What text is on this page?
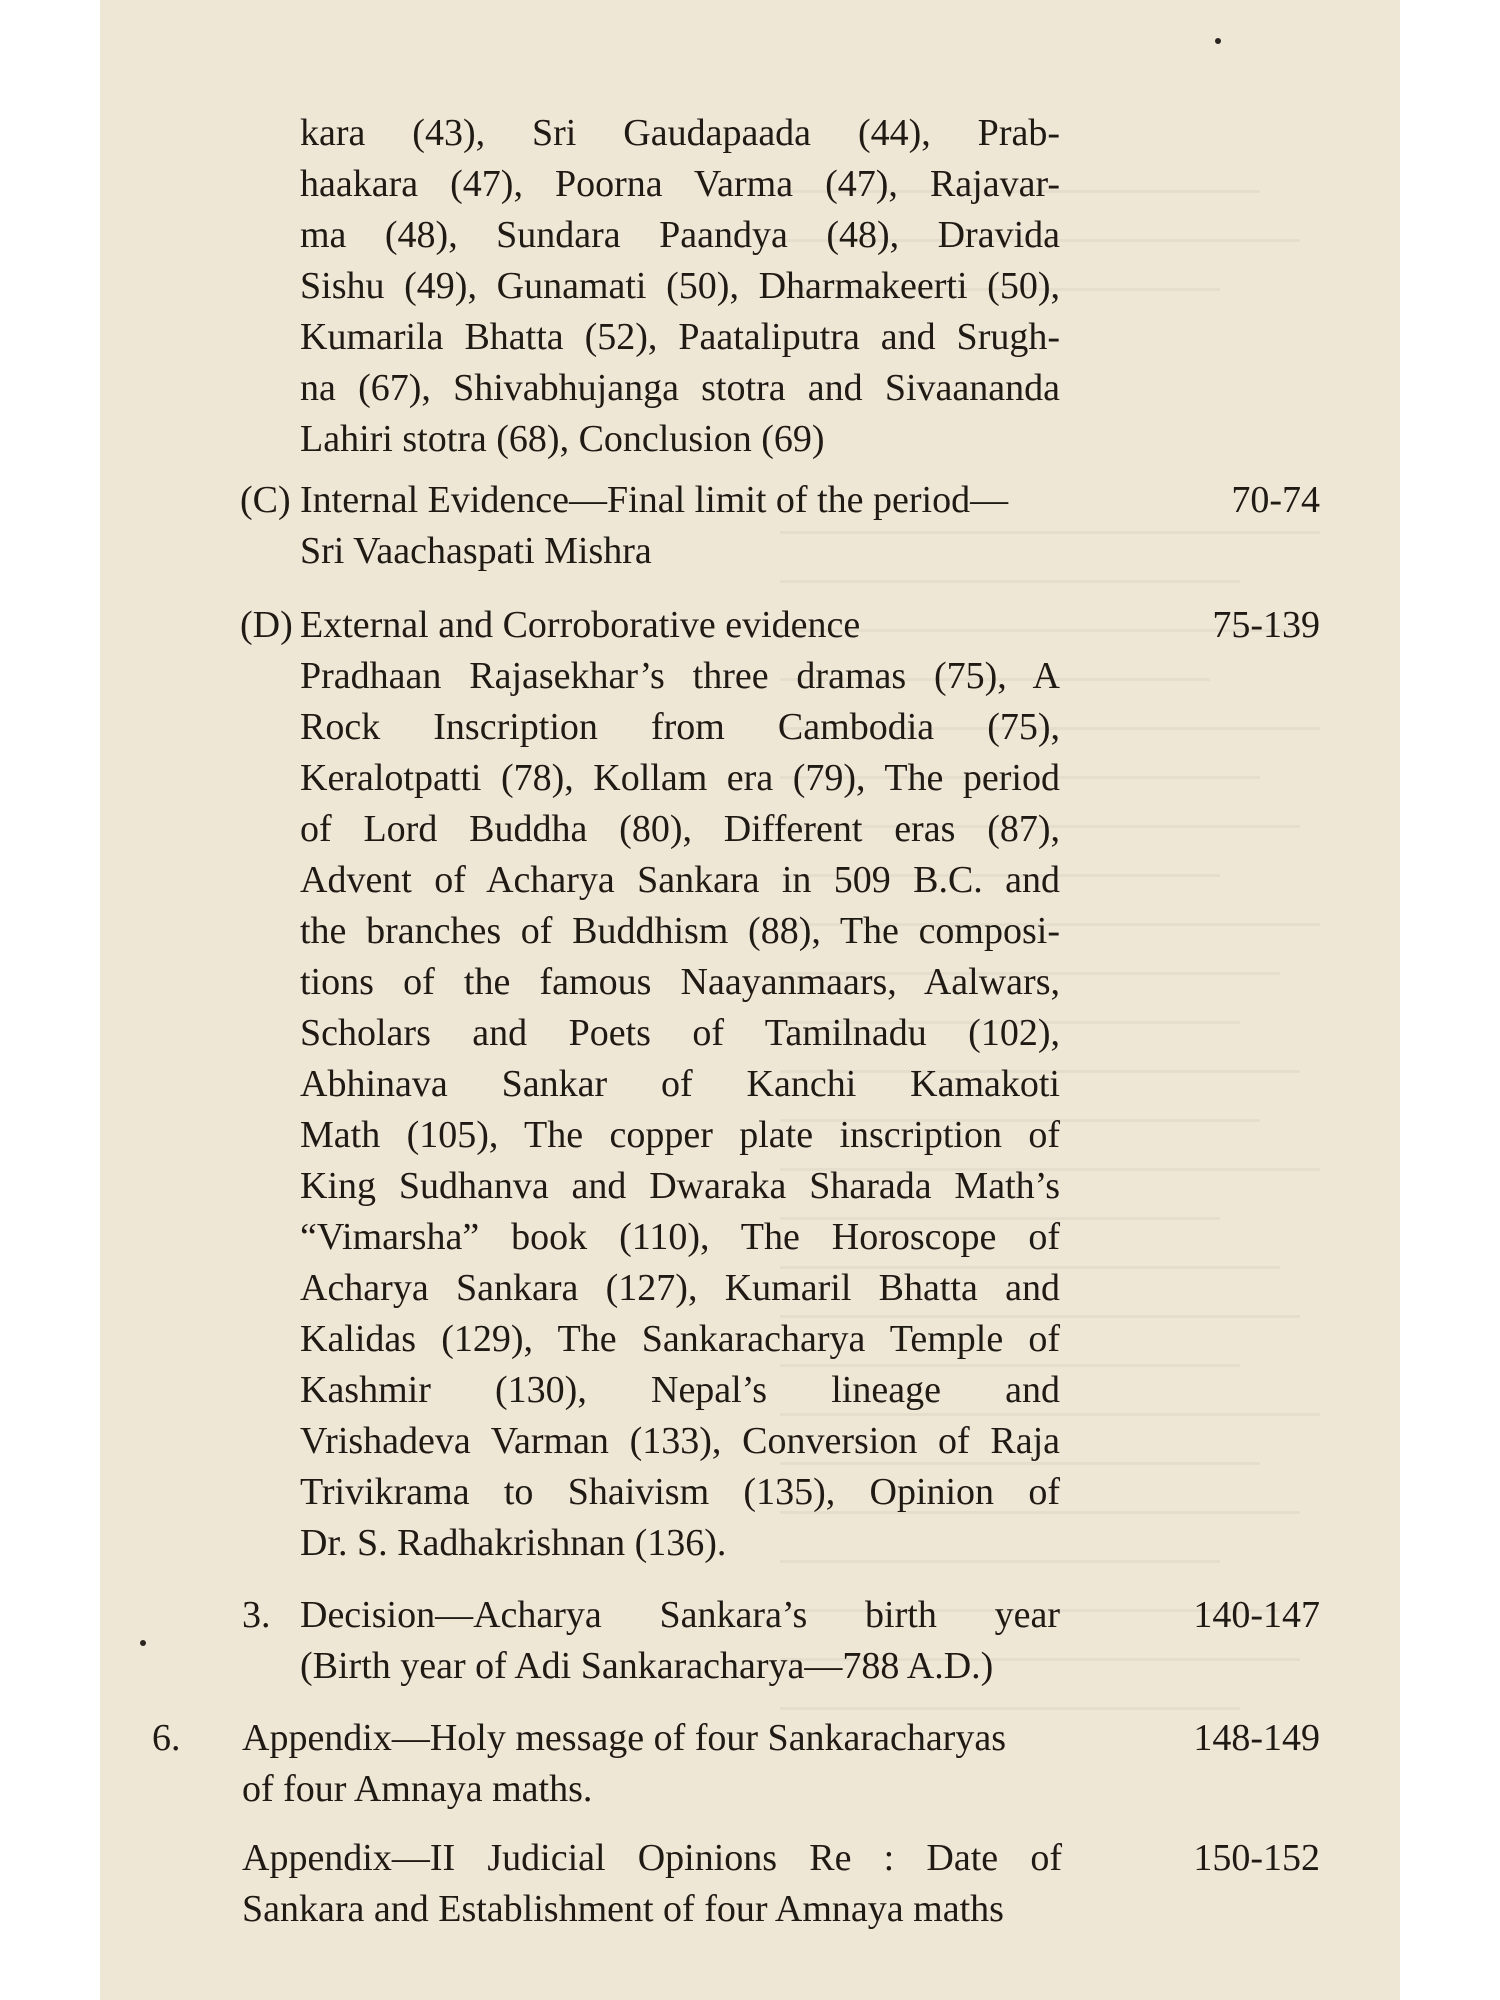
kara (43), Sri Gaudapaada (44), Prab-
haakara (47), Poorna Varma (47), Rajavar-
ma (48), Sundara Paandya (48), Dravida
Sishu (49), Gunamati (50), Dharmakeerti (50),
Kumarila Bhatta (52), Paataliputra and Srugh-
na (67), Shivabhujanga stotra and Sivaananda
Lahiri stotra (68), Conclusion (69)
(C) Internal Evidence—Final limit of the period—
Sri Vaachaspati Mishra
70-74
(D) External and Corroborative evidence	75-139
Pradhaan Rajasekhar’s three dramas (75), A
Rock Inscription from Cambodia (75),
Keralotpatti (78), Kollam era (79), The period
of Lord Buddha (80), Different eras (87),
Advent of Acharya Sankara in 509 B.C. and
the branches of Buddhism (88), The composi-
tions of the famous Naayanmaars, Aalwars,
Scholars and Poets of Tamilnadu (102),
Abhinava Sankar of Kanchi Kamakoti
Math (105), The copper plate inscription of
King Sudhanva and Dwaraka Sharada Math’s
“Vimarsha” book (110), The Horoscope of
Acharya Sankara (127), Kumaril Bhatta and
Kalidas (129), The Sankaracharya Temple of
Kashmir (130), Nepal’s lineage and
Vrishadeva Varman (133), Conversion of Raja
Trivikrama to Shaivism (135), Opinion of
Dr. S. Radhakrishnan (136).
3. Decision—Acharya Sankara’s birth year
(Birth year of Adi Sankaracharya—788 A.D.)
140-147
6. Appendix—Holy message of four Sankaracharyas
of four Amnaya maths.
148-149
Appendix—II Judicial Opinions Re : Date of
Sankara and Establishment of four Amnaya maths
150-152
